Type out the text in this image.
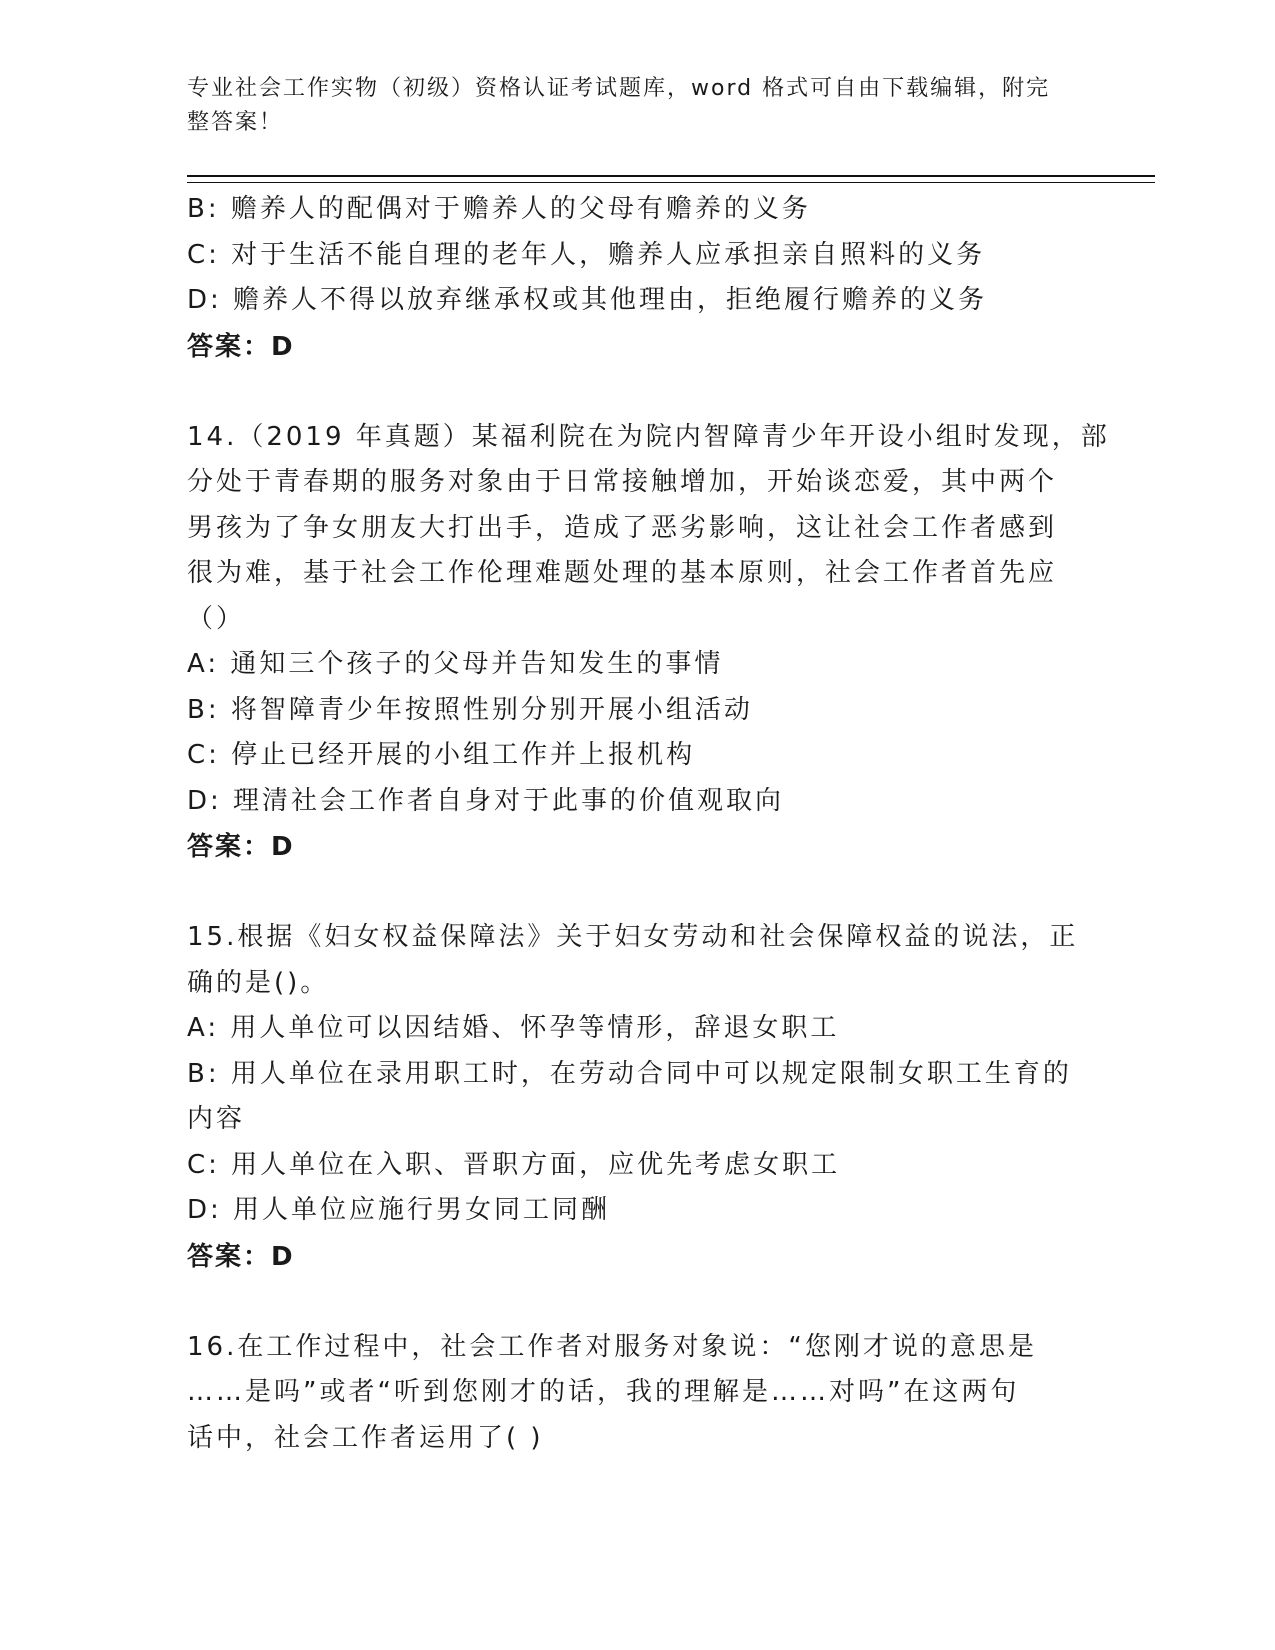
专业社会工作实物（初级）资格认证考试题库，word 格式可自由下载编辑，附完
整答案！
B: 赡养人的配偶对于赡养人的父母有赡养的义务
C: 对于生活不能自理的老年人，赡养人应承担亲自照料的义务
D: 赡养人不得以放弃继承权或其他理由，拒绝履行赡养的义务
答案：D
14.（2019 年真题）某福利院在为院内智障青少年开设小组时发现，部
分处于青春期的服务对象由于日常接触增加，开始谈恋爱，其中两个
男孩为了争女朋友大打出手，造成了恶劣影响，这让社会工作者感到
很为难，基于社会工作伦理难题处理的基本原则，社会工作者首先应
（）
A: 通知三个孩子的父母并告知发生的事情
B: 将智障青少年按照性别分别开展小组活动
C: 停止已经开展的小组工作并上报机构
D: 理清社会工作者自身对于此事的价值观取向
答案：D
15.根据《妇女权益保障法》关于妇女劳动和社会保障权益的说法，正
确的是()。
A: 用人单位可以因结婚、怀孕等情形，辞退女职工
B: 用人单位在录用职工时，在劳动合同中可以规定限制女职工生育的
内容
C: 用人单位在入职、晋职方面，应优先考虑女职工
D: 用人单位应施行男女同工同酬
答案：D
16.在工作过程中，社会工作者对服务对象说：“您刚才说的意思是
……是吗”或者“听到您刚才的话，我的理解是……对吗”在这两句
话中，社会工作者运用了( )
